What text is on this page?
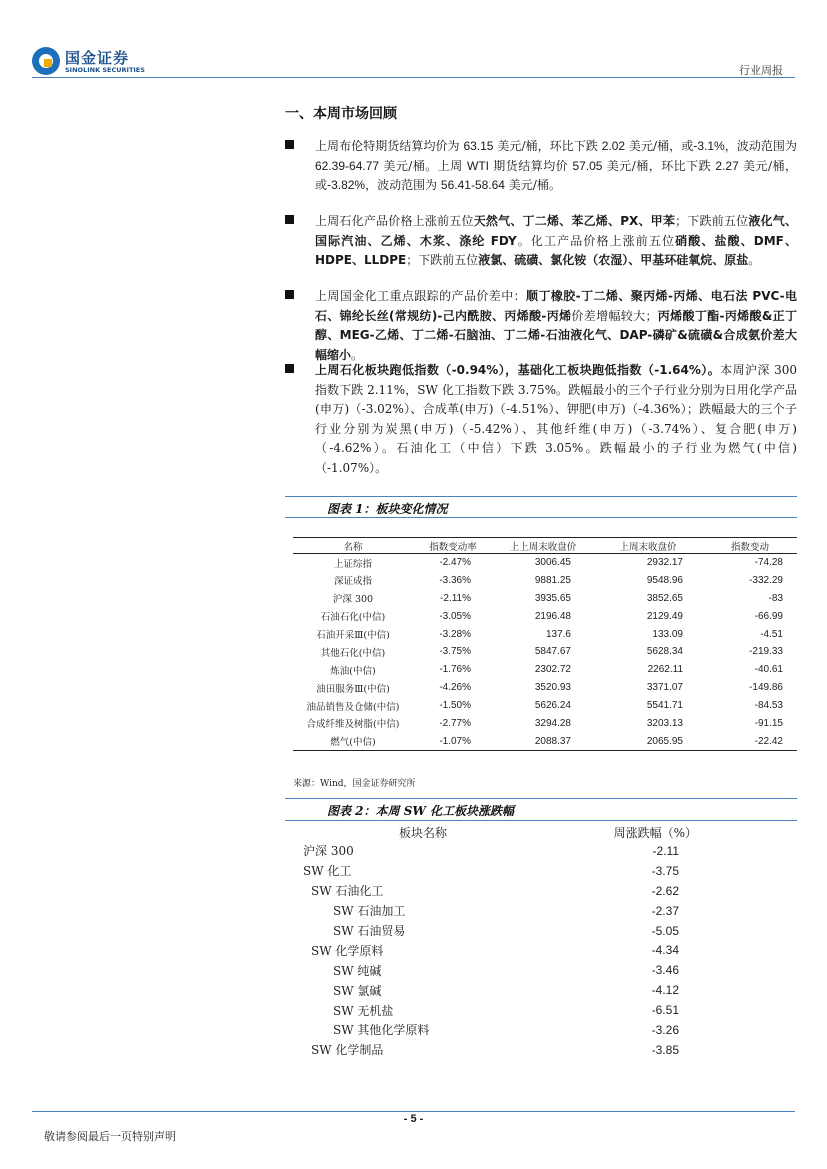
国金证券
SINOLINK SECURITIES	行业周报
一、本周市场回顾
上周布伦特期货结算均价为 63.15 美元/桶，环比下跌 2.02 美元/桶，或-3.1%，波动范围为 62.39-64.77 美元/桶。上周 WTI 期货结算均价 57.05 美元/桶，环比下跌 2.27 美元/桶，或-3.82%，波动范围为 56.41-58.64 美元/桶。
上周石化产品价格上涨前五位天然气、丁二烯、苯乙烯、PX、甲苯；下跌前五位液化气、国际汽油、乙烯、木浆、涤纶 FDY。化工产品价格上涨前五位硝酸、盐酸、DMF、HDPE、LLDPE；下跌前五位液氯、硫磺、氯化铵（农湿）、甲基环硅氧烷、原盐。
上周国金化工重点跟踪的产品价差中：顺丁橡胶-丁二烯、聚丙烯-丙烯、电石法 PVC-电石、锦纶长丝(常规纺)-己内酰胺、丙烯酸-丙烯价差增幅较大；丙烯酸丁酯-丙烯酸&正丁醇、MEG-乙烯、丁二烯-石脑油、丁二烯-石油液化气、DAP-磷矿&硫磺&合成氨价差大幅缩小。
上周石化板块跑低指数（-0.94%），基础化工板块跑低指数（-1.64%）。本周沪深 300 指数下跌 2.11%，SW 化工指数下跌 3.75%。跌幅最小的三个子行业分别为日用化学产品(申万)（-3.02%）、合成革(申万)（-4.51%）、钾肥(申万)（-4.36%）；跌幅最大的三个子行业分别为炭黑(申万)（-5.42%）、其他纤维(申万)（-3.74%）、复合肥(申万)（-4.62%）。石油化工（中信）下跌 3.05%。跌幅最小的子行业为燃气(中信)（-1.07%）。
图表 1：板块变化情况
名称	指数变动率	上上周末收盘价	上周末收盘价	指数变动
上证综指	-2.47%	3006.45	2932.17	-74.28
深证成指	-3.36%	9881.25	9548.96	-332.29
沪深 300	-2.11%	3935.65	3852.65	-83
石油石化(中信)	-3.05%	2196.48	2129.49	-66.99
石油开采Ⅲ(中信)	-3.28%	137.6	133.09	-4.51
其他石化(中信)	-3.75%	5847.67	5628.34	-219.33
炼油(中信)	-1.76%	2302.72	2262.11	-40.61
油田服务Ⅲ(中信)	-4.26%	3520.93	3371.07	-149.86
油品销售及仓储(中信)	-1.50%	5626.24	5541.71	-84.53
合成纤维及树脂(中信)	-2.77%	3294.28	3203.13	-91.15
燃气(中信)	-1.07%	2088.37	2065.95	-22.42
来源：Wind，国金证券研究所
图表 2：本周 SW 化工板块涨跌幅
板块名称	周涨跌幅（%）
沪深 300	-2.11
SW 化工	-3.75
SW 石油化工	-2.62
SW 石油加工	-2.37
SW 石油贸易	-5.05
SW 化学原料	-4.34
SW 纯碱	-3.46
SW 氯碱	-4.12
SW 无机盐	-6.51
SW 其他化学原料	-3.26
SW 化学制品	-3.85
- 5 -
敬请参阅最后一页特别声明
